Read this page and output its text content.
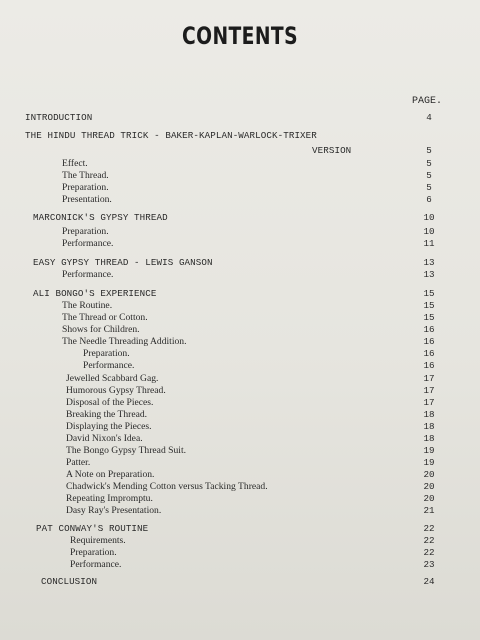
CONTENTS
PAGE.
INTRODUCTION	4
THE HINDU THREAD TRICK - BAKER-KAPLAN-WARLOCK-TRIXER
VERSION	5
Effect.	5
The Thread.	5
Preparation.	5
Presentation.	6
MARCONICK'S GYPSY THREAD	10
Preparation.	10
Performance.	11
EASY GYPSY THREAD - LEWIS GANSON	13
Performance.	13
ALI BONGO'S EXPERIENCE	15
The Routine.	15
The Thread or Cotton.	15
Shows for Children.	16
The Needle Threading Addition.	16
Preparation.	16
Performance.	16
Jewelled Scabbard Gag.	17
Humorous Gypsy Thread.	17
Disposal of the Pieces.	17
Breaking the Thread.	18
Displaying the Pieces.	18
David Nixon's Idea.	18
The Bongo Gypsy Thread Suit.	19
Patter.	19
A Note on Preparation.	20
Chadwick's Mending Cotton versus Tacking Thread.	20
Repeating Impromptu.	20
Dasy Ray's Presentation.	21
PAT CONWAY'S ROUTINE	22
Requirements.	22
Preparation.	22
Performance.	23
CONCLUSION	24
